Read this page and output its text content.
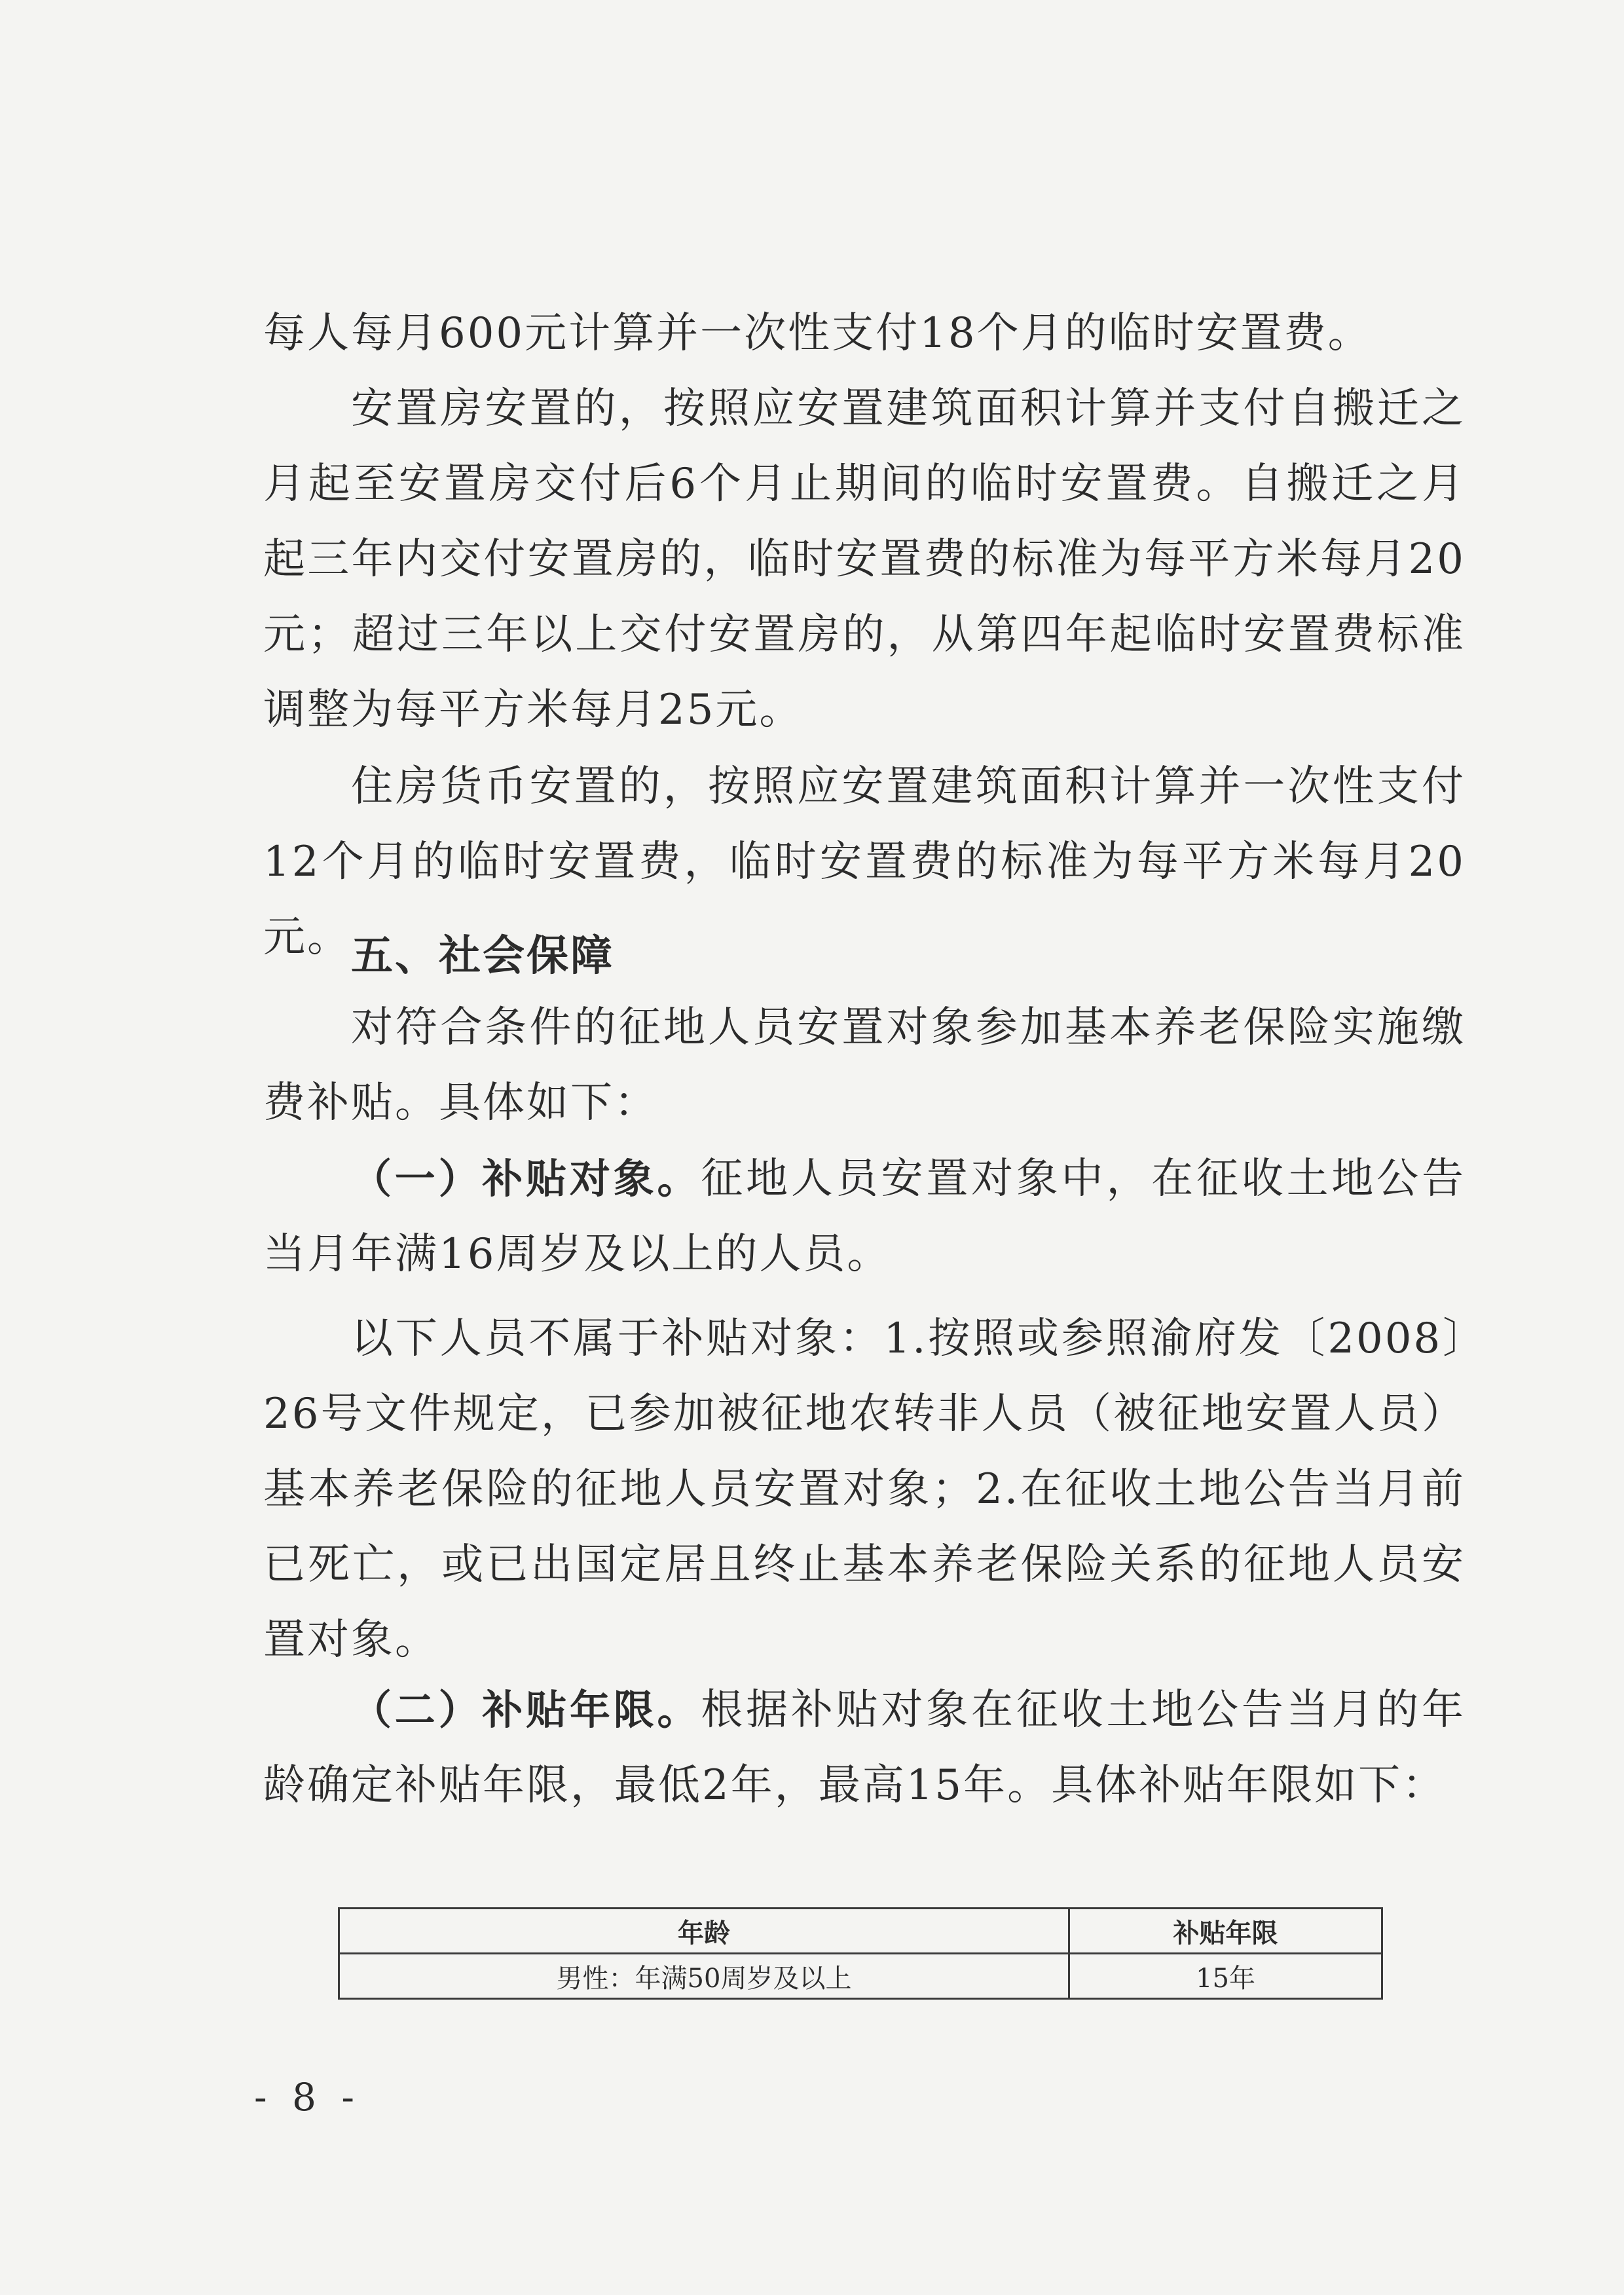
每人每月600元计算并一次性支付18个月的临时安置费。

安置房安置的，按照应安置建筑面积计算并支付自搬迁之月起至安置房交付后6个月止期间的临时安置费。自搬迁之月起三年内交付安置房的，临时安置费的标准为每平方米每月20元；超过三年以上交付安置房的，从第四年起临时安置费标准调整为每平方米每月25元。

住房货币安置的，按照应安置建筑面积计算并一次性支付12个月的临时安置费，临时安置费的标准为每平方米每月20元。 五、社会保障

对符合条件的征地人员安置对象参加基本养老保险实施缴费补贴。具体如下：

（一）补贴对象。征地人员安置对象中，在征收土地公告当月年满16周岁及以上的人员。

以下人员不属于补贴对象：1.按照或参照渝府发〔2008〕26号文件规定，已参加被征地农转非人员（被征地安置人员）基本养老保险的征地人员安置对象；2.在征收土地公告当月前已死亡，或已出国定居且终止基本养老保险关系的征地人员安置对象。

（二）补贴年限。根据补贴对象在征收土地公告当月的年龄确定补贴年限，最低2年，最高15年。具体补贴年限如下：

年龄	补贴年限
男性：年满50周岁及以上	15年
- 8 -
